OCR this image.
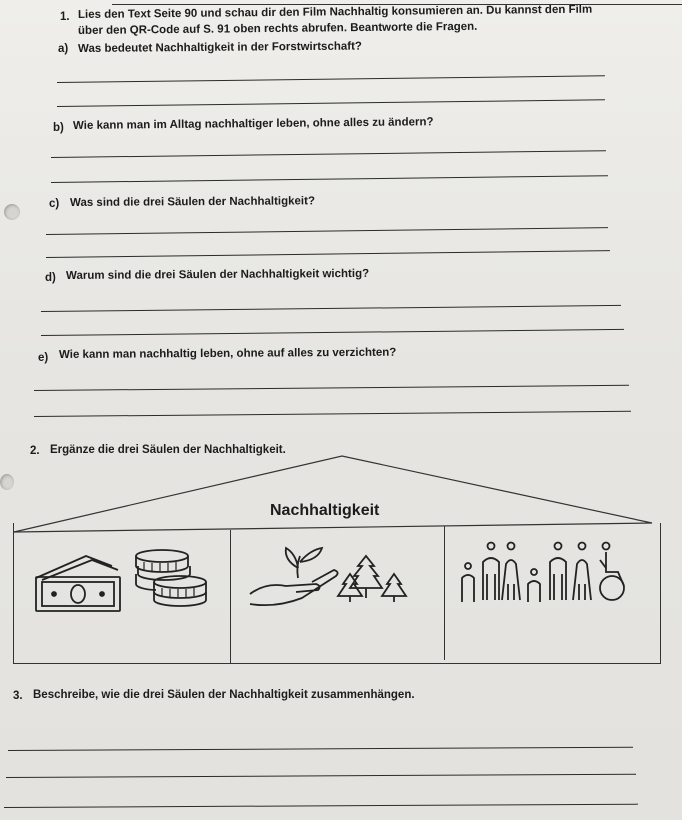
1. Lies den Text Seite 90 und schau dir den Film Nachhaltig konsumieren an. Du kannst den Film
über den QR-Code auf S. 91 oben rechts abrufen. Beantworte die Fragen.
a) Was bedeutet Nachhaltigkeit in der Forstwirtschaft?
b) Wie kann man im Alltag nachhaltiger leben, ohne alles zu ändern?
c) Was sind die drei Säulen der Nachhaltigkeit?
d) Warum sind die drei Säulen der Nachhaltigkeit wichtig?
e) Wie kann man nachhaltig leben, ohne auf alles zu verzichten?
2. Ergänze die drei Säulen der Nachhaltigkeit.
Nachhaltigkeit
3. Beschreibe, wie die drei Säulen der Nachhaltigkeit zusammenhängen.
